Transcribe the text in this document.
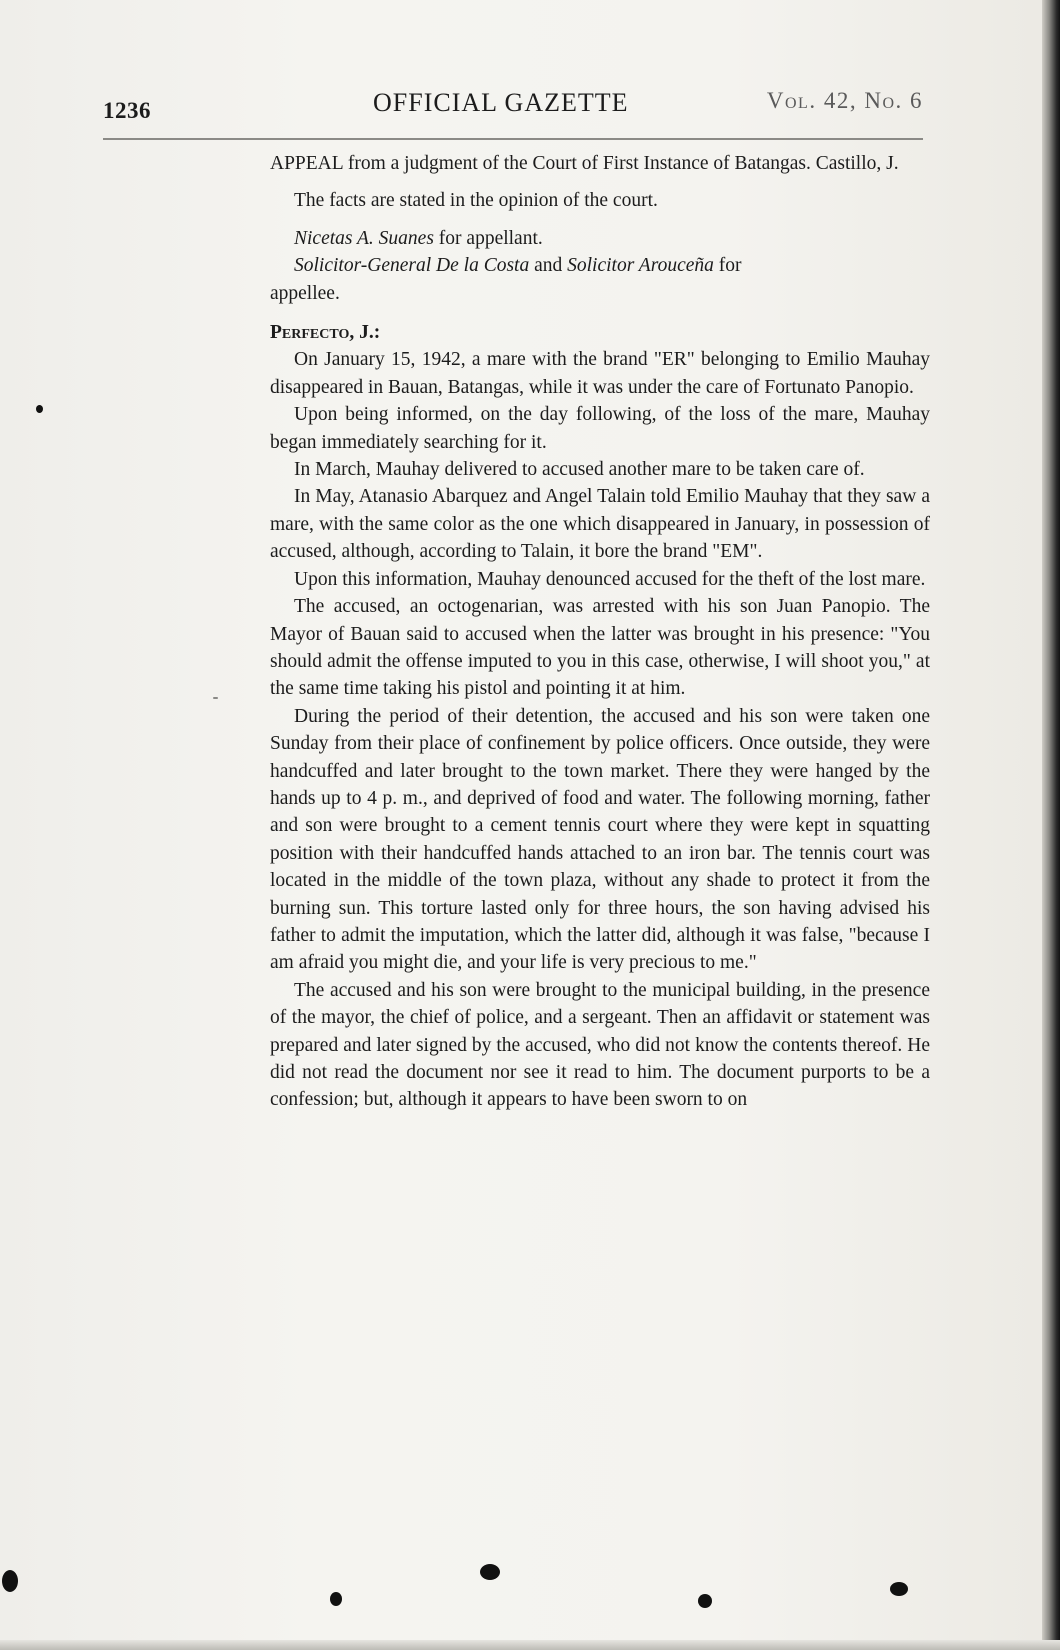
1236	OFFICIAL GAZETTE	Vol. 42, No. 6

APPEAL from a judgment of the Court of First Instance of Batangas. Castillo, J.

The facts are stated in the opinion of the court.

Nicetas A. Suanes for appellant.

Solicitor-General De la Costa and Solicitor Arouceña for

appellee.

Perfecto, J.:

On January 15, 1942, a mare with the brand "ER" belonging to Emilio Mauhay disappeared in Bauan, Batangas, while it was under the care of Fortunato Panopio.

Upon being informed, on the day following, of the loss of the mare, Mauhay began immediately searching for it.

In March, Mauhay delivered to accused another mare to be taken care of.

In May, Atanasio Abarquez and Angel Talain told Emilio Mauhay that they saw a mare, with the same color as the one which disappeared in January, in possession of accused, although, according to Talain, it bore the brand "EM".

Upon this information, Mauhay denounced accused for the theft of the lost mare.

The accused, an octogenarian, was arrested with his son Juan Panopio. The Mayor of Bauan said to accused when the latter was brought in his presence: "You should admit the offense imputed to you in this case, otherwise, I will shoot you," at the same time taking his pistol and pointing it at him.

During the period of their detention, the accused and his son were taken one Sunday from their place of confinement by police officers. Once outside, they were handcuffed and later brought to the town market. There they were hanged by the hands up to 4 p. m., and deprived of food and water. The following morning, father and son were brought to a cement tennis court where they were kept in squatting position with their handcuffed hands attached to an iron bar. The tennis court was located in the middle of the town plaza, without any shade to protect it from the burning sun. This torture lasted only for three hours, the son having advised his father to admit the imputation, which the latter did, although it was false, "because I am afraid you might die, and your life is very precious to me."

The accused and his son were brought to the municipal building, in the presence of the mayor, the chief of police, and a sergeant. Then an affidavit or statement was prepared and later signed by the accused, who did not know the contents thereof. He did not read the document nor see it read to him. The document purports to be a confession; but, although it appears to have been sworn to on
